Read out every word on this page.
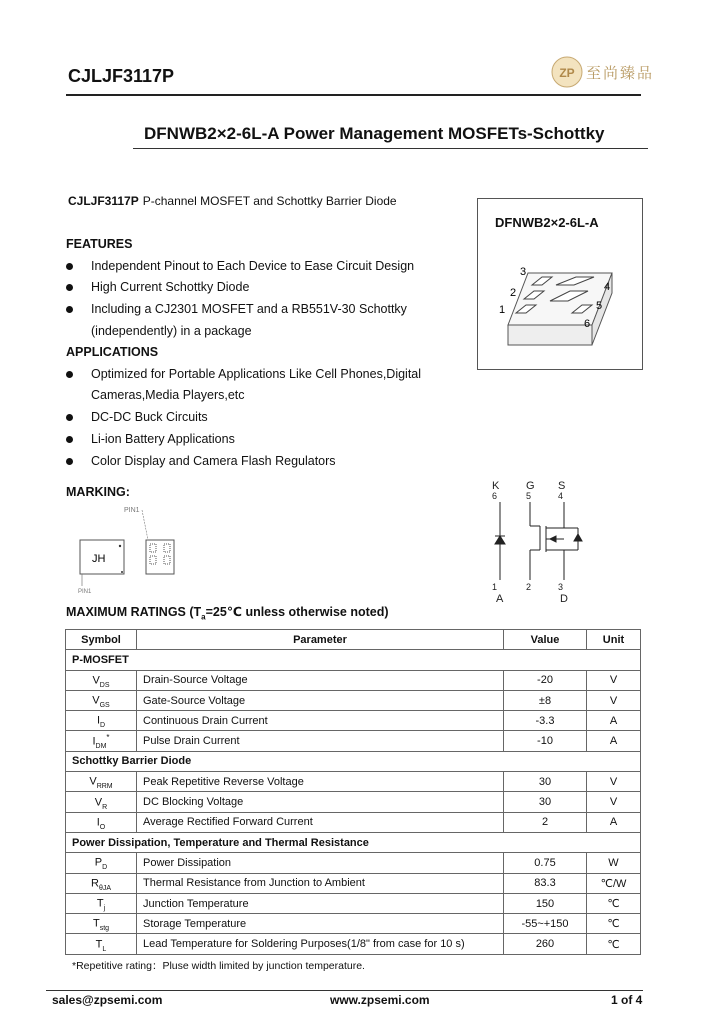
CJLJF3117P	ZP 至尚臻品
DFNWB2×2-6L-A Power Management MOSFETs-Schottky
CJLJF3117P P-channel MOSFET and Schottky Barrier Diode
FEATURES
Independent Pinout to Each Device to Ease Circuit Design
High Current Schottky Diode
Including a CJ2301 MOSFET and a RB551V-30 Schottky
(independently) in a package
APPLICATIONS
Optimized for Portable Applications Like Cell Phones,Digital
Cameras,Media Players,etc
DC-DC Buck Circuits
Li-ion Battery Applications
Color Display and Camera Flash Regulators
DFNWB2×2-6L-A
3
2
1
4
5
6
MARKING:
JH
PIN1
PIN1
K G S
6	5	4
1	2	3
A	D
MAXIMUM RATINGS ($T_a=25℃$ unless otherwise noted)
Symbol	Parameter	Value	Unit
P-MOSFET			
$V_{DS}$	Drain-Source Voltage	-20	V
$V_{GS}$	Gate-Source Voltage	±8	V
$I_D$	Continuous Drain Current	-3.3	A
$I_{DM}^*$	Pulse Drain Current	-10	A
Schottky Barrier Diode			
$V_{RRM}$	Peak Repetitive Reverse Voltage	30	V
$V_R$	DC Blocking Voltage	30	V
$I_O$	Average Rectified Forward Current	2	A
Power Dissipation, Temperature and Thermal Resistance			
$P_D$	Power Dissipation	0.75	W
$R_{\theta JA}$	Thermal Resistance from Junction to Ambient	83.3	℃/W
$T_j$	Junction Temperature	150	℃
$T_{stg}$	Storage Temperature	-55~+150	℃
$T_L$	Lead Temperature for Soldering Purposes(1/8" from case for 10 s)	260	℃
*Repetitive rating：Pluse width limited by junction temperature.
sales@zpsemi.com	www.zpsemi.com	1 of 4
